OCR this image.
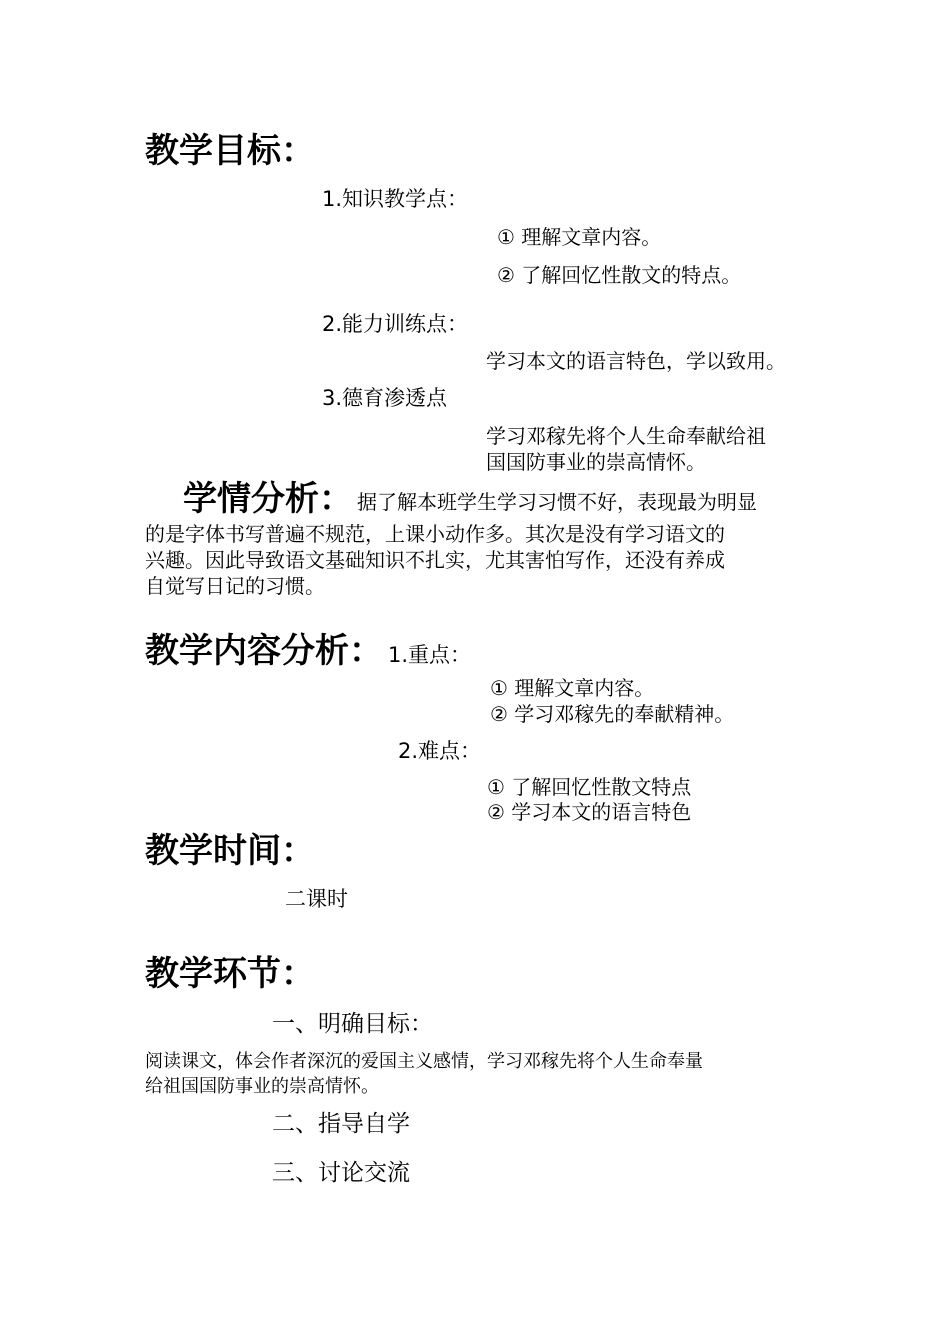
教学目标：
1.知识教学点：
① 理解文章内容。
② 了解回忆性散文的特点。
2.能力训练点：
学习本文的语言特色，学以致用。
3.德育渗透点
学习邓稼先将个人生命奉献给祖
国国防事业的崇高情怀。
学情分析： 据了解本班学生学习习惯不好，表现最为明显
的是字体书写普遍不规范，上课小动作多。其次是没有学习语文的
兴趣。因此导致语文基础知识不扎实，尤其害怕写作，还没有养成
自觉写日记的习惯。
教学内容分析： 1.重点：
① 理解文章内容。
② 学习邓稼先的奉献精神。
2.难点：
① 了解回忆性散文特点
② 学习本文的语言特色
教学时间：
二课时
教学环节：
一、明确目标：
阅读课文，体会作者深沉的爱国主义感情，学习邓稼先将个人生命奉量
给祖国国防事业的崇高情怀。
二、指导自学
三、讨论交流
